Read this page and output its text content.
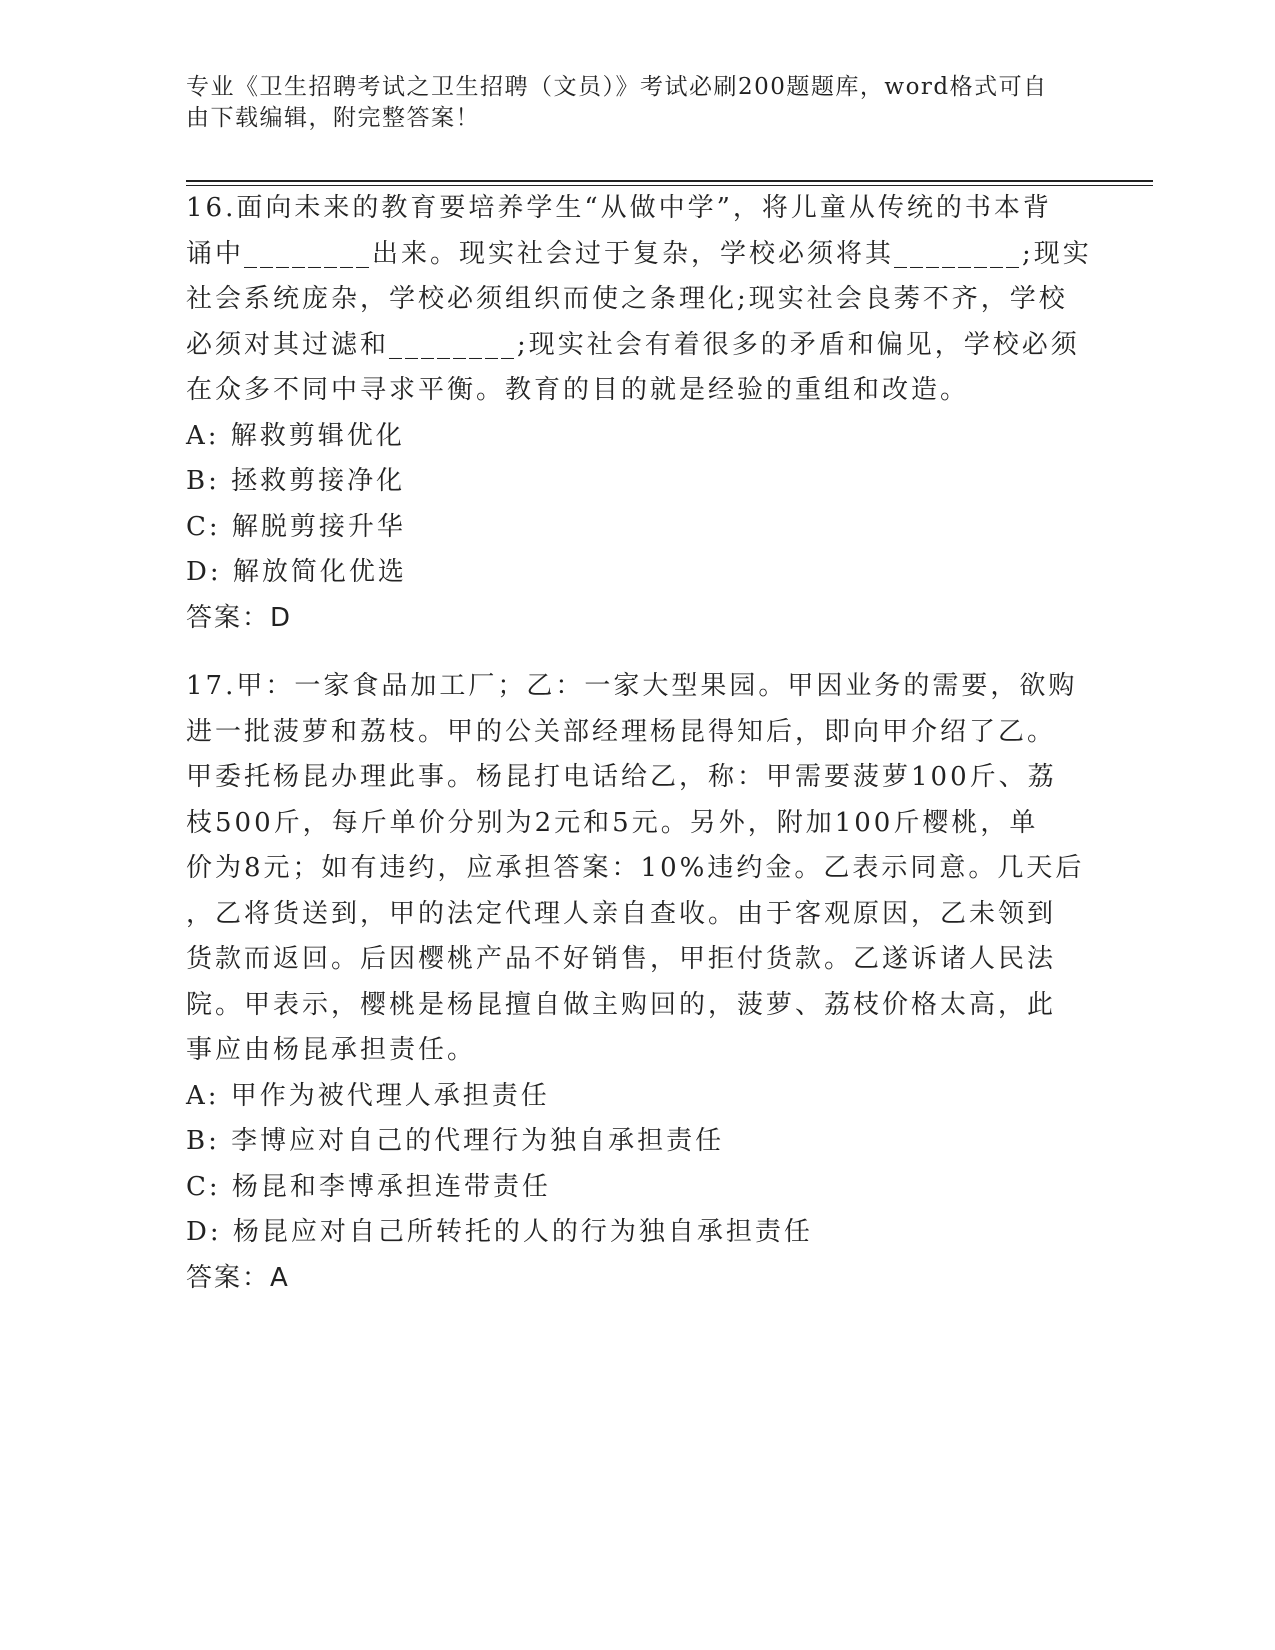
专业《卫生招聘考试之卫生招聘（文员）》考试必刷200题题库，word格式可自
由下载编辑，附完整答案！
16.面向未来的教育要培养学生“从做中学”，将儿童从传统的书本背
诵中________出来。现实社会过于复杂，学校必须将其________;现实
社会系统庞杂，学校必须组织而使之条理化;现实社会良莠不齐，学校
必须对其过滤和________;现实社会有着很多的矛盾和偏见，学校必须
在众多不同中寻求平衡。教育的目的就是经验的重组和改造。
A: 解救剪辑优化
B: 拯救剪接净化
C: 解脱剪接升华
D: 解放简化优选
答案：D
17.甲：一家食品加工厂；乙：一家大型果园。甲因业务的需要，欲购
进一批菠萝和荔枝。甲的公关部经理杨昆得知后，即向甲介绍了乙。
甲委托杨昆办理此事。杨昆打电话给乙，称：甲需要菠萝100斤、荔
枝500斤，每斤单价分别为2元和5元。另外，附加100斤樱桃，单
价为8元；如有违约，应承担答案：10%违约金。乙表示同意。几天后
，乙将货送到，甲的法定代理人亲自查收。由于客观原因，乙未领到
货款而返回。后因樱桃产品不好销售，甲拒付货款。乙遂诉诸人民法
院。甲表示，樱桃是杨昆擅自做主购回的，菠萝、荔枝价格太高，此
事应由杨昆承担责任。
A: 甲作为被代理人承担责任
B: 李博应对自己的代理行为独自承担责任
C: 杨昆和李博承担连带责任
D: 杨昆应对自己所转托的人的行为独自承担责任
答案：A
